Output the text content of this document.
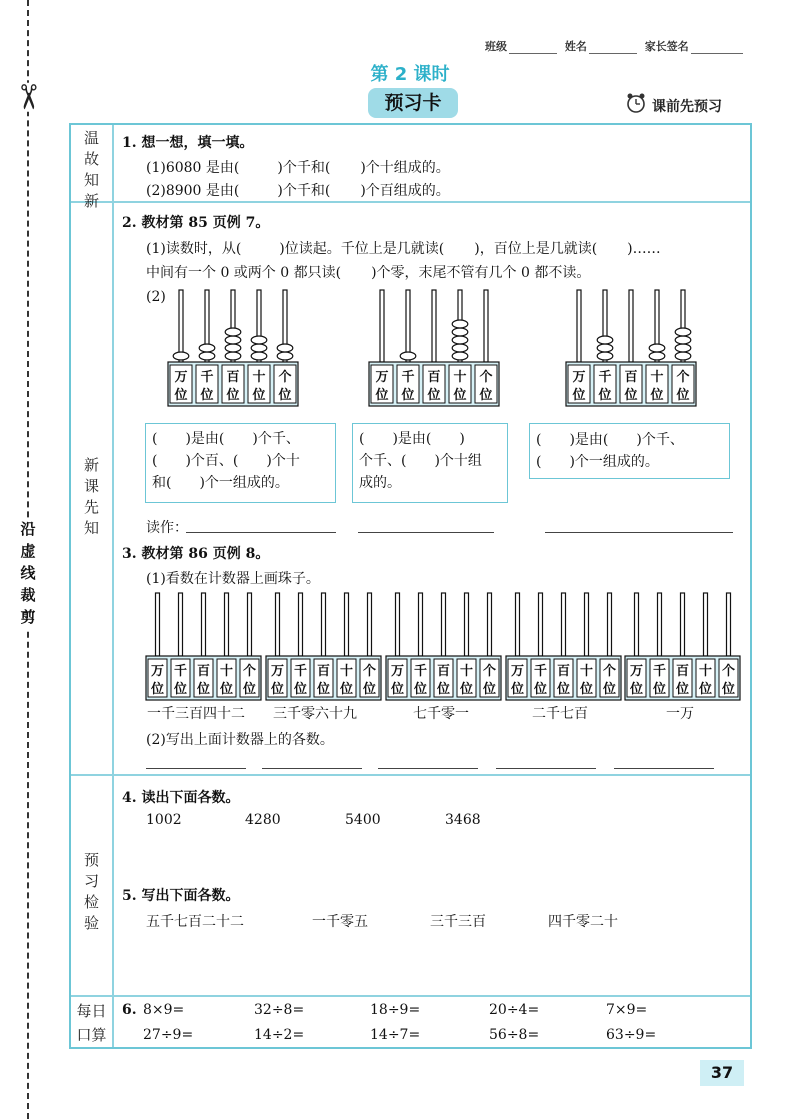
✂
沿
虚
线
裁
剪
班级	姓名	家长签名
第 2 课时
预习卡	课前先预习
温
故
知
新
新
课
先
知
预
习
检
验
每日
口算
1. 想一想，填一填。
(1)6080 是由(	)个千和( )个十组成的。
(2)8900 是由(	)个千和( )个百组成的。
2. 教材第 85 页例 7。
(1)读数时，从(	)位读起。千位上是几就读( )，百位上是几就读( )……
中间有一个 0 或两个 0 都只读( )个零，末尾不管有几个 0 都不读。
(2)
万
位
千
位
百
位
十
位
个
位
万
位
千
位
百
位
十
位
个
位
万
位
千
位
百
位
十
位
个
位
(　　)是由(　　)个千、
(　　)个百、(　　)个十
和(　　)个一组成的。
(　　)是由(　　)
个千、(　　)个十组
成的。
(　　)是由(　　)个千、
(　　)个一组成的。
读作：
3. 教材第 86 页例 8。
(1)看数在计数器上画珠子。
万
位
千
位
百
位
十
位
个
位
万
位
千
位
百
位
十
位
个
位
万
位
千
位
百
位
十
位
个
位
万
位
千
位
百
位
十
位
个
位
万
位
千
位
百
位
十
位
个
位
一千三百四十二 三千零六十九	七千零一	二千七百	一万
(2)写出上面计数器上的各数。
4. 读出下面各数。
1002	4280	5400	3468
5. 写出下面各数。
五千七百二十二	一千零五	三千三百	四千零二十
6. 8×9=	32÷8=	18÷9=	20÷4=	7×9=
27÷9=	14÷2=	14÷7=	56÷8=	63÷9=
37
